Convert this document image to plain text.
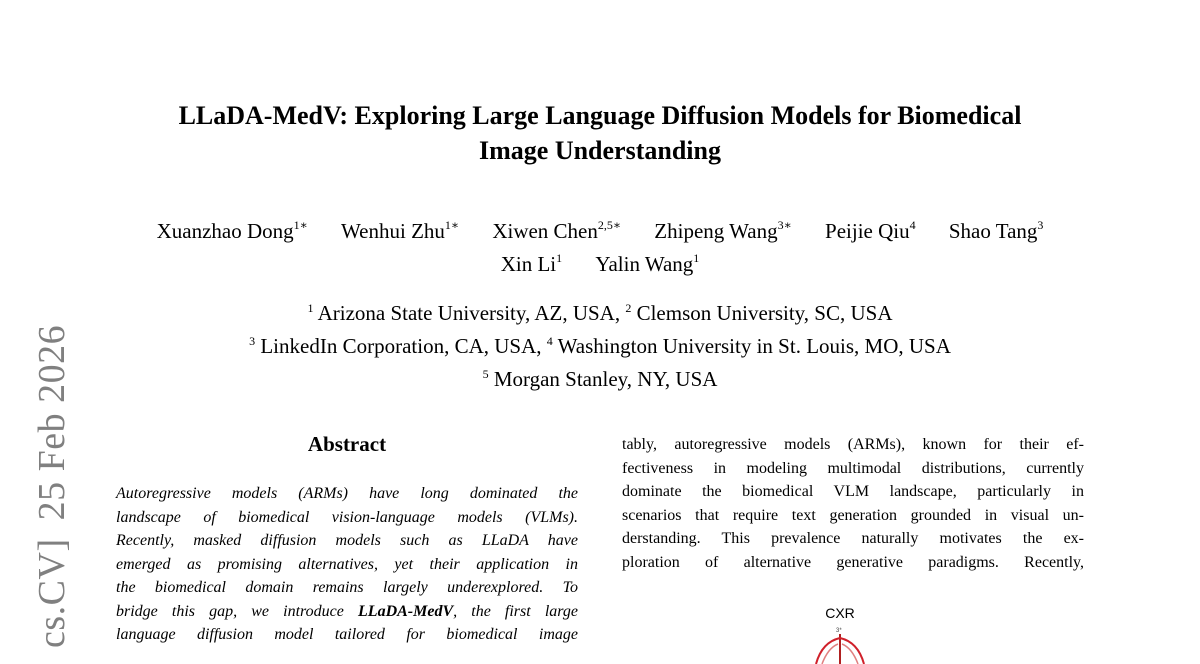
cs.CV]25 Feb 2026
LLaDA-MedV: Exploring Large Language Diffusion Models for Biomedical
Image Understanding
Xuanzhao Dong$^{1∗}$ Wenhui Zhu$^{1∗}$ Xiwen Chen$^{2,5∗}$ Zhipeng Wang$^{3∗}$ Peijie Qiu$^4$ Shao Tang$^3$
Xin Li$^1$ Yalin Wang$^1$
$^1$ Arizona State University, AZ, USA, $^2$ Clemson University, SC, USA
$^3$ LinkedIn Corporation, CA, USA, $^4$ Washington University in St. Louis, MO, USA
$^5$ Morgan Stanley, NY, USA
Abstract
Autoregressive models (ARMs) have long dominated the
landscape of biomedical vision-language models (VLMs).
Recently, masked diffusion models such as LLaDA have
emerged as promising alternatives, yet their application in
the biomedical domain remains largely underexplored. To
bridge this gap, we introduce LLaDA-MedV, the first large
language diffusion model tailored for biomedical image
tably, autoregressive models (ARMs), known for their ef-
fectiveness in modeling multimodal distributions, currently
dominate the biomedical VLM landscape, particularly in
scenarios that require text generation grounded in visual un-
derstanding. This prevalence naturally motivates the ex-
ploration of alternative generative paradigms. Recently,
CXR
3*
